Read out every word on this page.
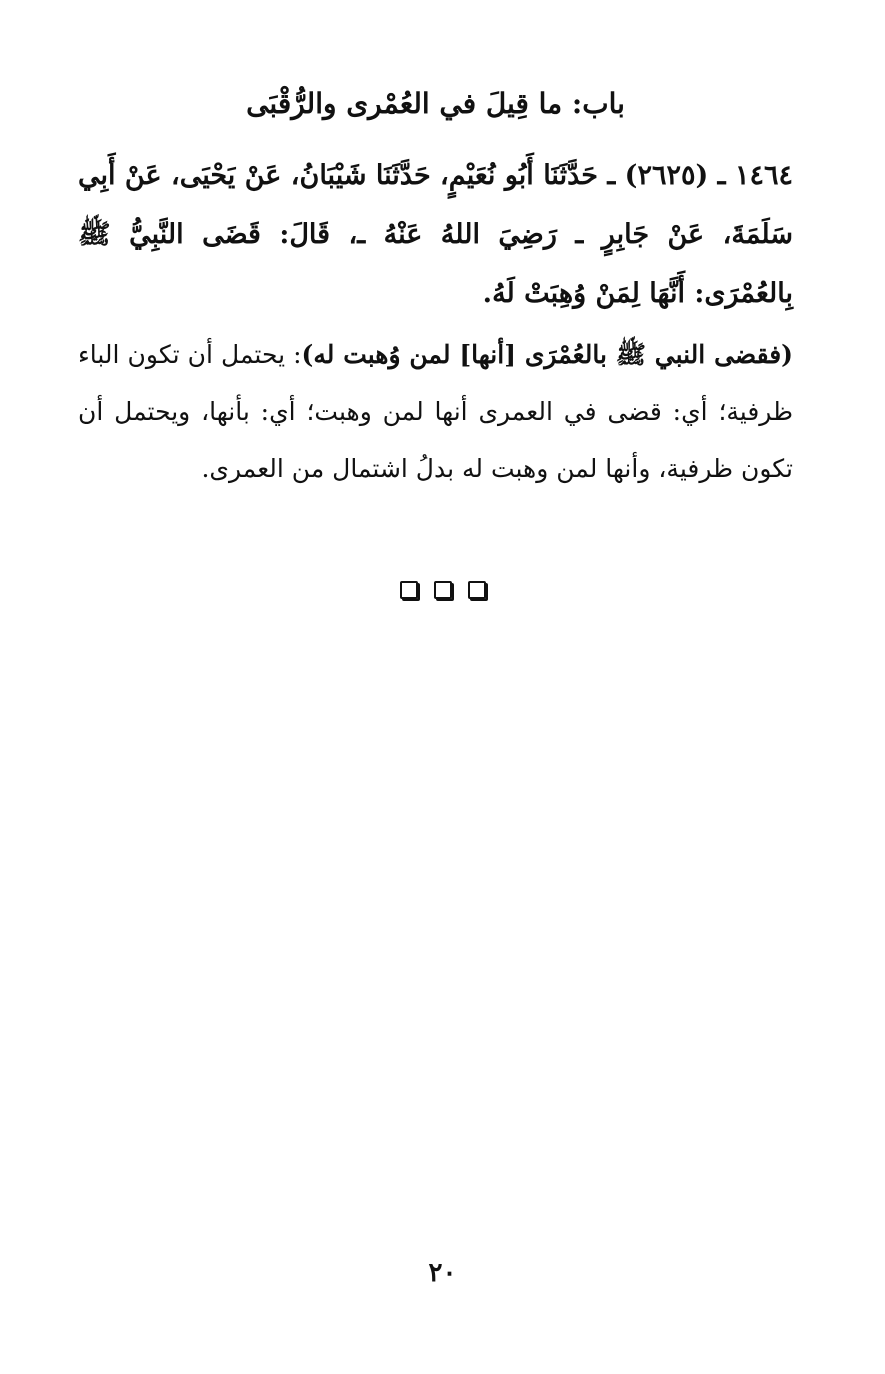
باب: ما قِيلَ في العُمْرى والرُّقْبَى
١٤٦٤ ـ (٢٦٢٥) ـ حَدَّثَنَا أَبُو نُعَيْمٍ، حَدَّثَنَا شَيْبَانُ، عَنْ يَحْيَى، عَنْ أَبِي سَلَمَةَ، عَنْ جَابِرٍ ـ رَضِيَ اللهُ عَنْهُ ـ، قَالَ: قَضَى النَّبِيُّ ﷺ بِالعُمْرَى: أَنَّهَا لِمَنْ وُهِبَتْ لَهُ.
(فقضى النبي ﷺ بالعُمْرَى [أنها] لمن وُهبت له): يحتمل أن تكون الباء ظرفية؛ أي: قضى في العمرى أنها لمن وهبت؛ أي: بأنها، ويحتمل أن تكون ظرفية، وأنها لمن وهبت له بدلُ اشتمال من العمرى.
٢٠
